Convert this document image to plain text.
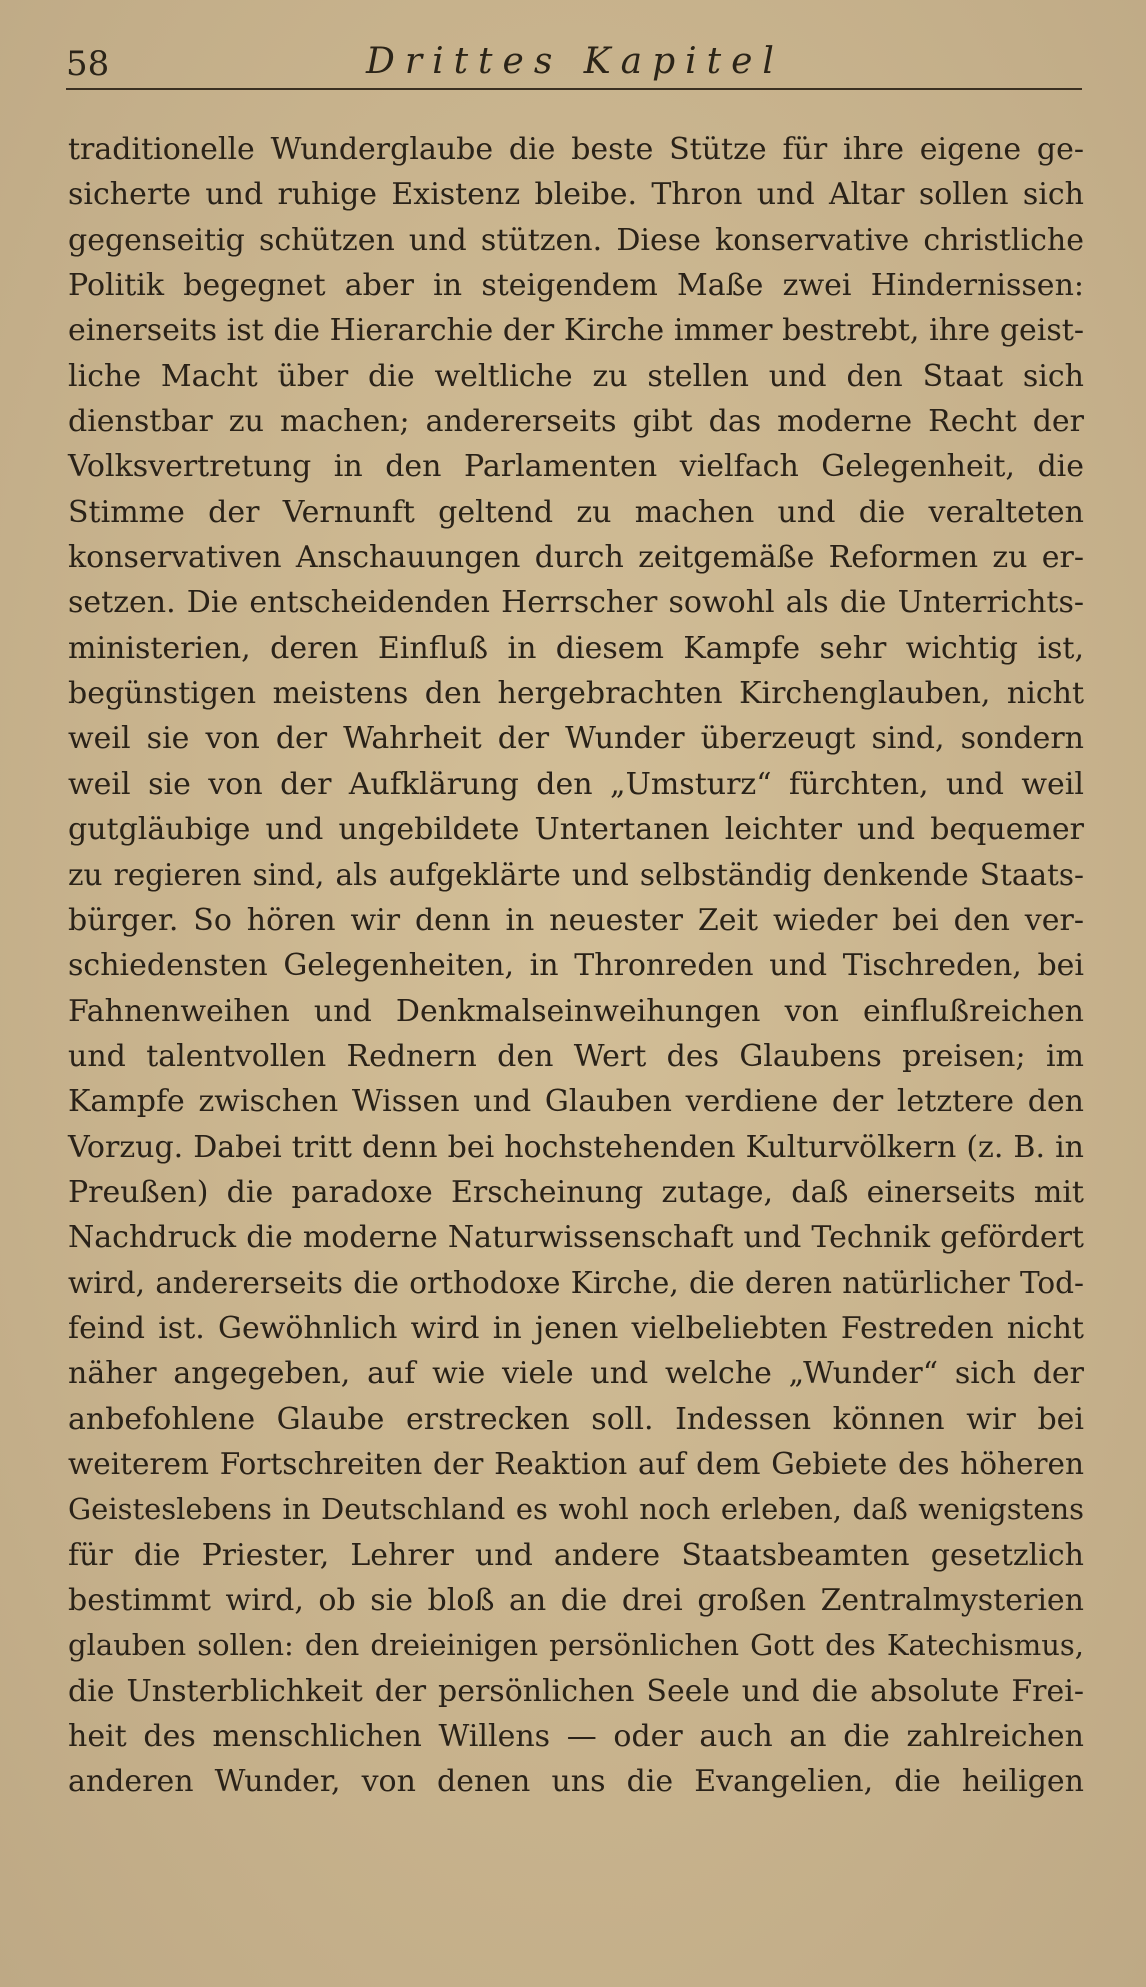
58	Drittes Kapitel
traditionelle Wunderglaube die beste Stütze für ihre eigene ge-
sicherte und ruhige Existenz bleibe. Thron und Altar sollen sich
gegenseitig schützen und stützen. Diese konservative christliche
Politik begegnet aber in steigendem Maße zwei Hindernissen:
einerseits ist die Hierarchie der Kirche immer bestrebt, ihre geist-
liche Macht über die weltliche zu stellen und den Staat sich
dienstbar zu machen; andererseits gibt das moderne Recht der
Volksvertretung in den Parlamenten vielfach Gelegenheit, die
Stimme der Vernunft geltend zu machen und die veralteten
konservativen Anschauungen durch zeitgemäße Reformen zu er-
setzen. Die entscheidenden Herrscher sowohl als die Unterrichts-
ministerien, deren Einfluß in diesem Kampfe sehr wichtig ist,
begünstigen meistens den hergebrachten Kirchenglauben, nicht
weil sie von der Wahrheit der Wunder überzeugt sind, sondern
weil sie von der Aufklärung den „Umsturz“ fürchten, und weil
gutgläubige und ungebildete Untertanen leichter und bequemer
zu regieren sind, als aufgeklärte und selbständig denkende Staats-
bürger. So hören wir denn in neuester Zeit wieder bei den ver-
schiedensten Gelegenheiten, in Thronreden und Tischreden, bei
Fahnenweihen und Denkmalseinweihungen von einflußreichen
und talentvollen Rednern den Wert des Glaubens preisen; im
Kampfe zwischen Wissen und Glauben verdiene der letztere den
Vorzug. Dabei tritt denn bei hochstehenden Kulturvölkern (z. B. in
Preußen) die paradoxe Erscheinung zutage, daß einerseits mit
Nachdruck die moderne Naturwissenschaft und Technik gefördert
wird, andererseits die orthodoxe Kirche, die deren natürlicher Tod-
feind ist. Gewöhnlich wird in jenen vielbeliebten Festreden nicht
näher angegeben, auf wie viele und welche „Wunder“ sich der
anbefohlene Glaube erstrecken soll. Indessen können wir bei
weiterem Fortschreiten der Reaktion auf dem Gebiete des höheren
Geisteslebens in Deutschland es wohl noch erleben, daß wenigstens
für die Priester, Lehrer und andere Staatsbeamten gesetzlich
bestimmt wird, ob sie bloß an die drei großen Zentralmysterien
glauben sollen: den dreieinigen persönlichen Gott des Katechismus,
die Unsterblichkeit der persönlichen Seele und die absolute Frei-
heit des menschlichen Willens — oder auch an die zahlreichen
anderen Wunder, von denen uns die Evangelien, die heiligen
